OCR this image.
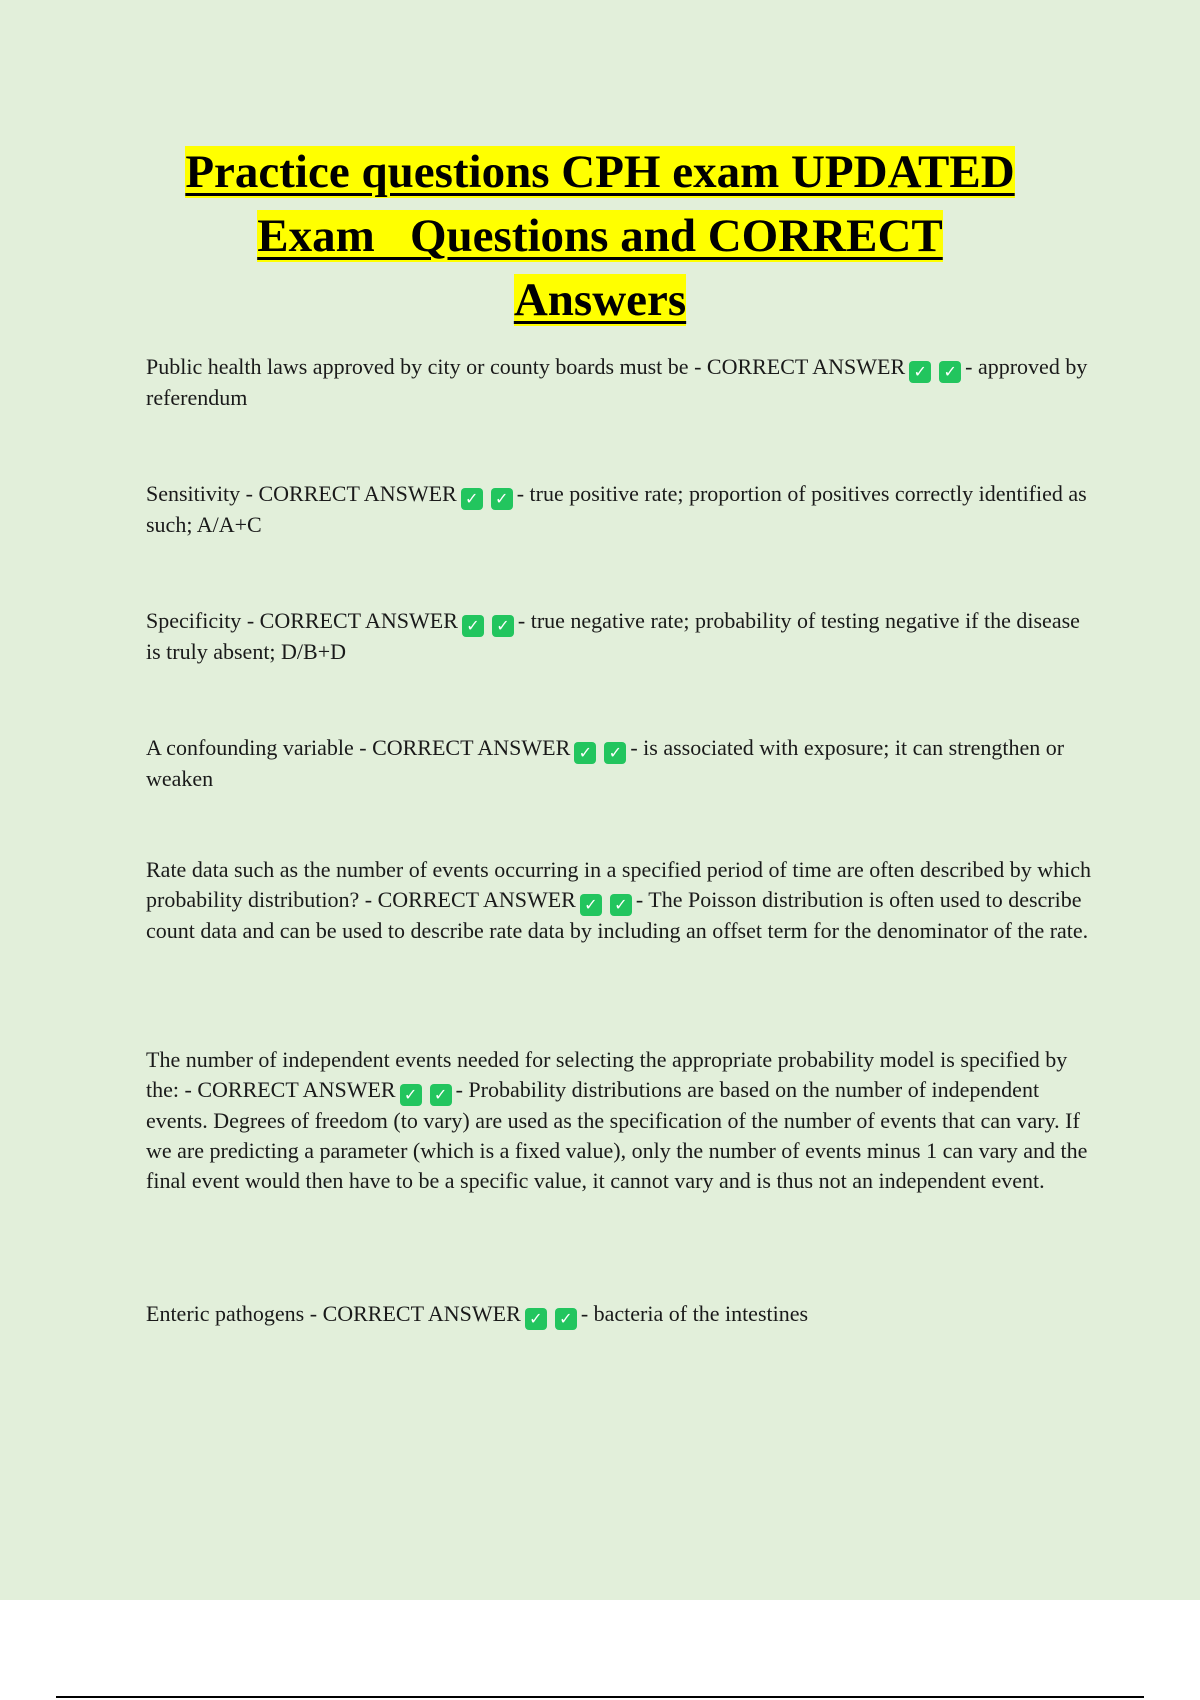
Practice questions CPH exam UPDATED
Exam   Questions and CORRECT
Answers
Public health laws approved by city or county boards must be - CORRECT ANSWER ✓ ✓ - approved by referendum
Sensitivity - CORRECT ANSWER ✓ ✓ - true positive rate; proportion of positives correctly identified as such; A/A+C
Specificity - CORRECT ANSWER ✓ ✓ - true negative rate; probability of testing negative if the disease is truly absent; D/B+D
A confounding variable - CORRECT ANSWER ✓ ✓ - is associated with exposure; it can strengthen or weaken
Rate data such as the number of events occurring in a specified period of time are often described by which probability distribution? - CORRECT ANSWER ✓ ✓ - The Poisson distribution is often used to describe count data and can be used to describe rate data by including an offset term for the denominator of the rate.
The number of independent events needed for selecting the appropriate probability model is specified by the: - CORRECT ANSWER ✓ ✓ - Probability distributions are based on the number of independent events. Degrees of freedom (to vary) are used as the specification of the number of events that can vary. If we are predicting a parameter (which is a fixed value), only the number of events minus 1 can vary and the final event would then have to be a specific value, it cannot vary and is thus not an independent event.
Enteric pathogens - CORRECT ANSWER ✓ ✓ - bacteria of the intestines
